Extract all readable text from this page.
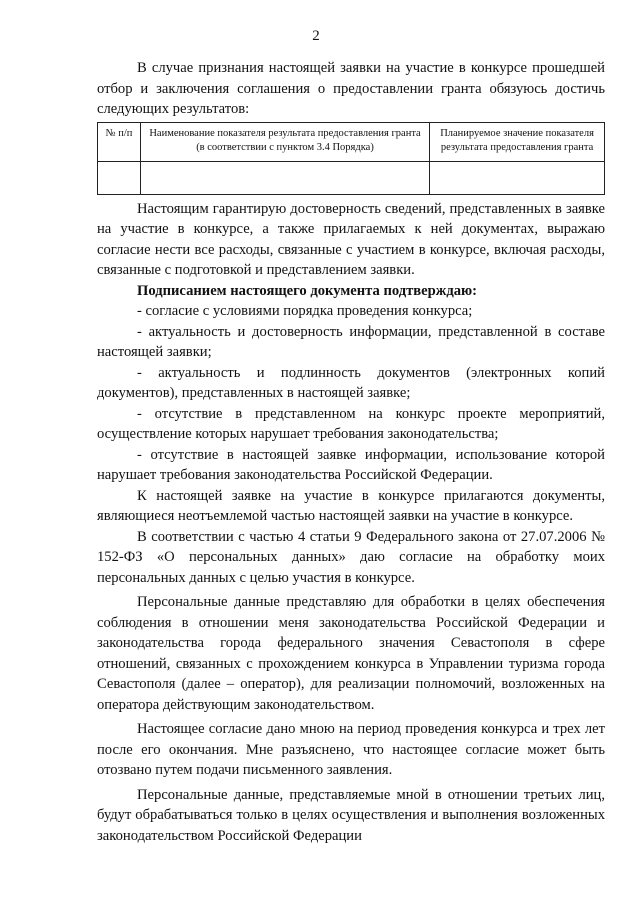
2

В случае признания настоящей заявки на участие в конкурсе прошедшей отбор и заключения соглашения о предоставлении гранта обязуюсь достичь следующих результатов:

№ п/п	Наименование показателя результата предоставления гранта (в соответствии с пунктом 3.4 Порядка)	Планируемое значение показателя результата предоставления гранта

Настоящим гарантирую достоверность сведений, представленных в заявке на участие в конкурсе, а также прилагаемых к ней документах, выражаю согласие нести все расходы, связанные с участием в конкурсе, включая расходы, связанные с подготовкой и представлением заявки.

Подписанием настоящего документа подтверждаю:

- согласие с условиями порядка проведения конкурса;

- актуальность и достоверность информации, представленной в составе настоящей заявки;

- актуальность и подлинность документов (электронных копий документов), представленных в настоящей заявке;

- отсутствие в представленном на конкурс проекте мероприятий, осуществление которых нарушает требования законодательства;

- отсутствие в настоящей заявке информации, использование которой нарушает требования законодательства Российской Федерации.

К настоящей заявке на участие в конкурсе прилагаются документы, являющиеся неотъемлемой частью настоящей заявки на участие в конкурсе.

В соответствии с частью 4 статьи 9 Федерального закона от 27.07.2006 № 152-ФЗ «О персональных данных» даю согласие на обработку моих персональных данных с целью участия в конкурсе.

Персональные данные представляю для обработки в целях обеспечения соблюдения в отношении меня законодательства Российской Федерации и законодательства города федерального значения Севастополя в сфере отношений, связанных с прохождением конкурса в Управлении туризма города Севастополя (далее – оператор), для реализации полномочий, возложенных на оператора действующим законодательством.

Настоящее согласие дано мною на период проведения конкурса и трех лет после его окончания. Мне разъяснено, что настоящее согласие может быть отозвано путем подачи письменного заявления.

Персональные данные, представляемые мной в отношении третьих лиц, будут обрабатываться только в целях осуществления и выполнения возложенных законодательством Российской Федерации
